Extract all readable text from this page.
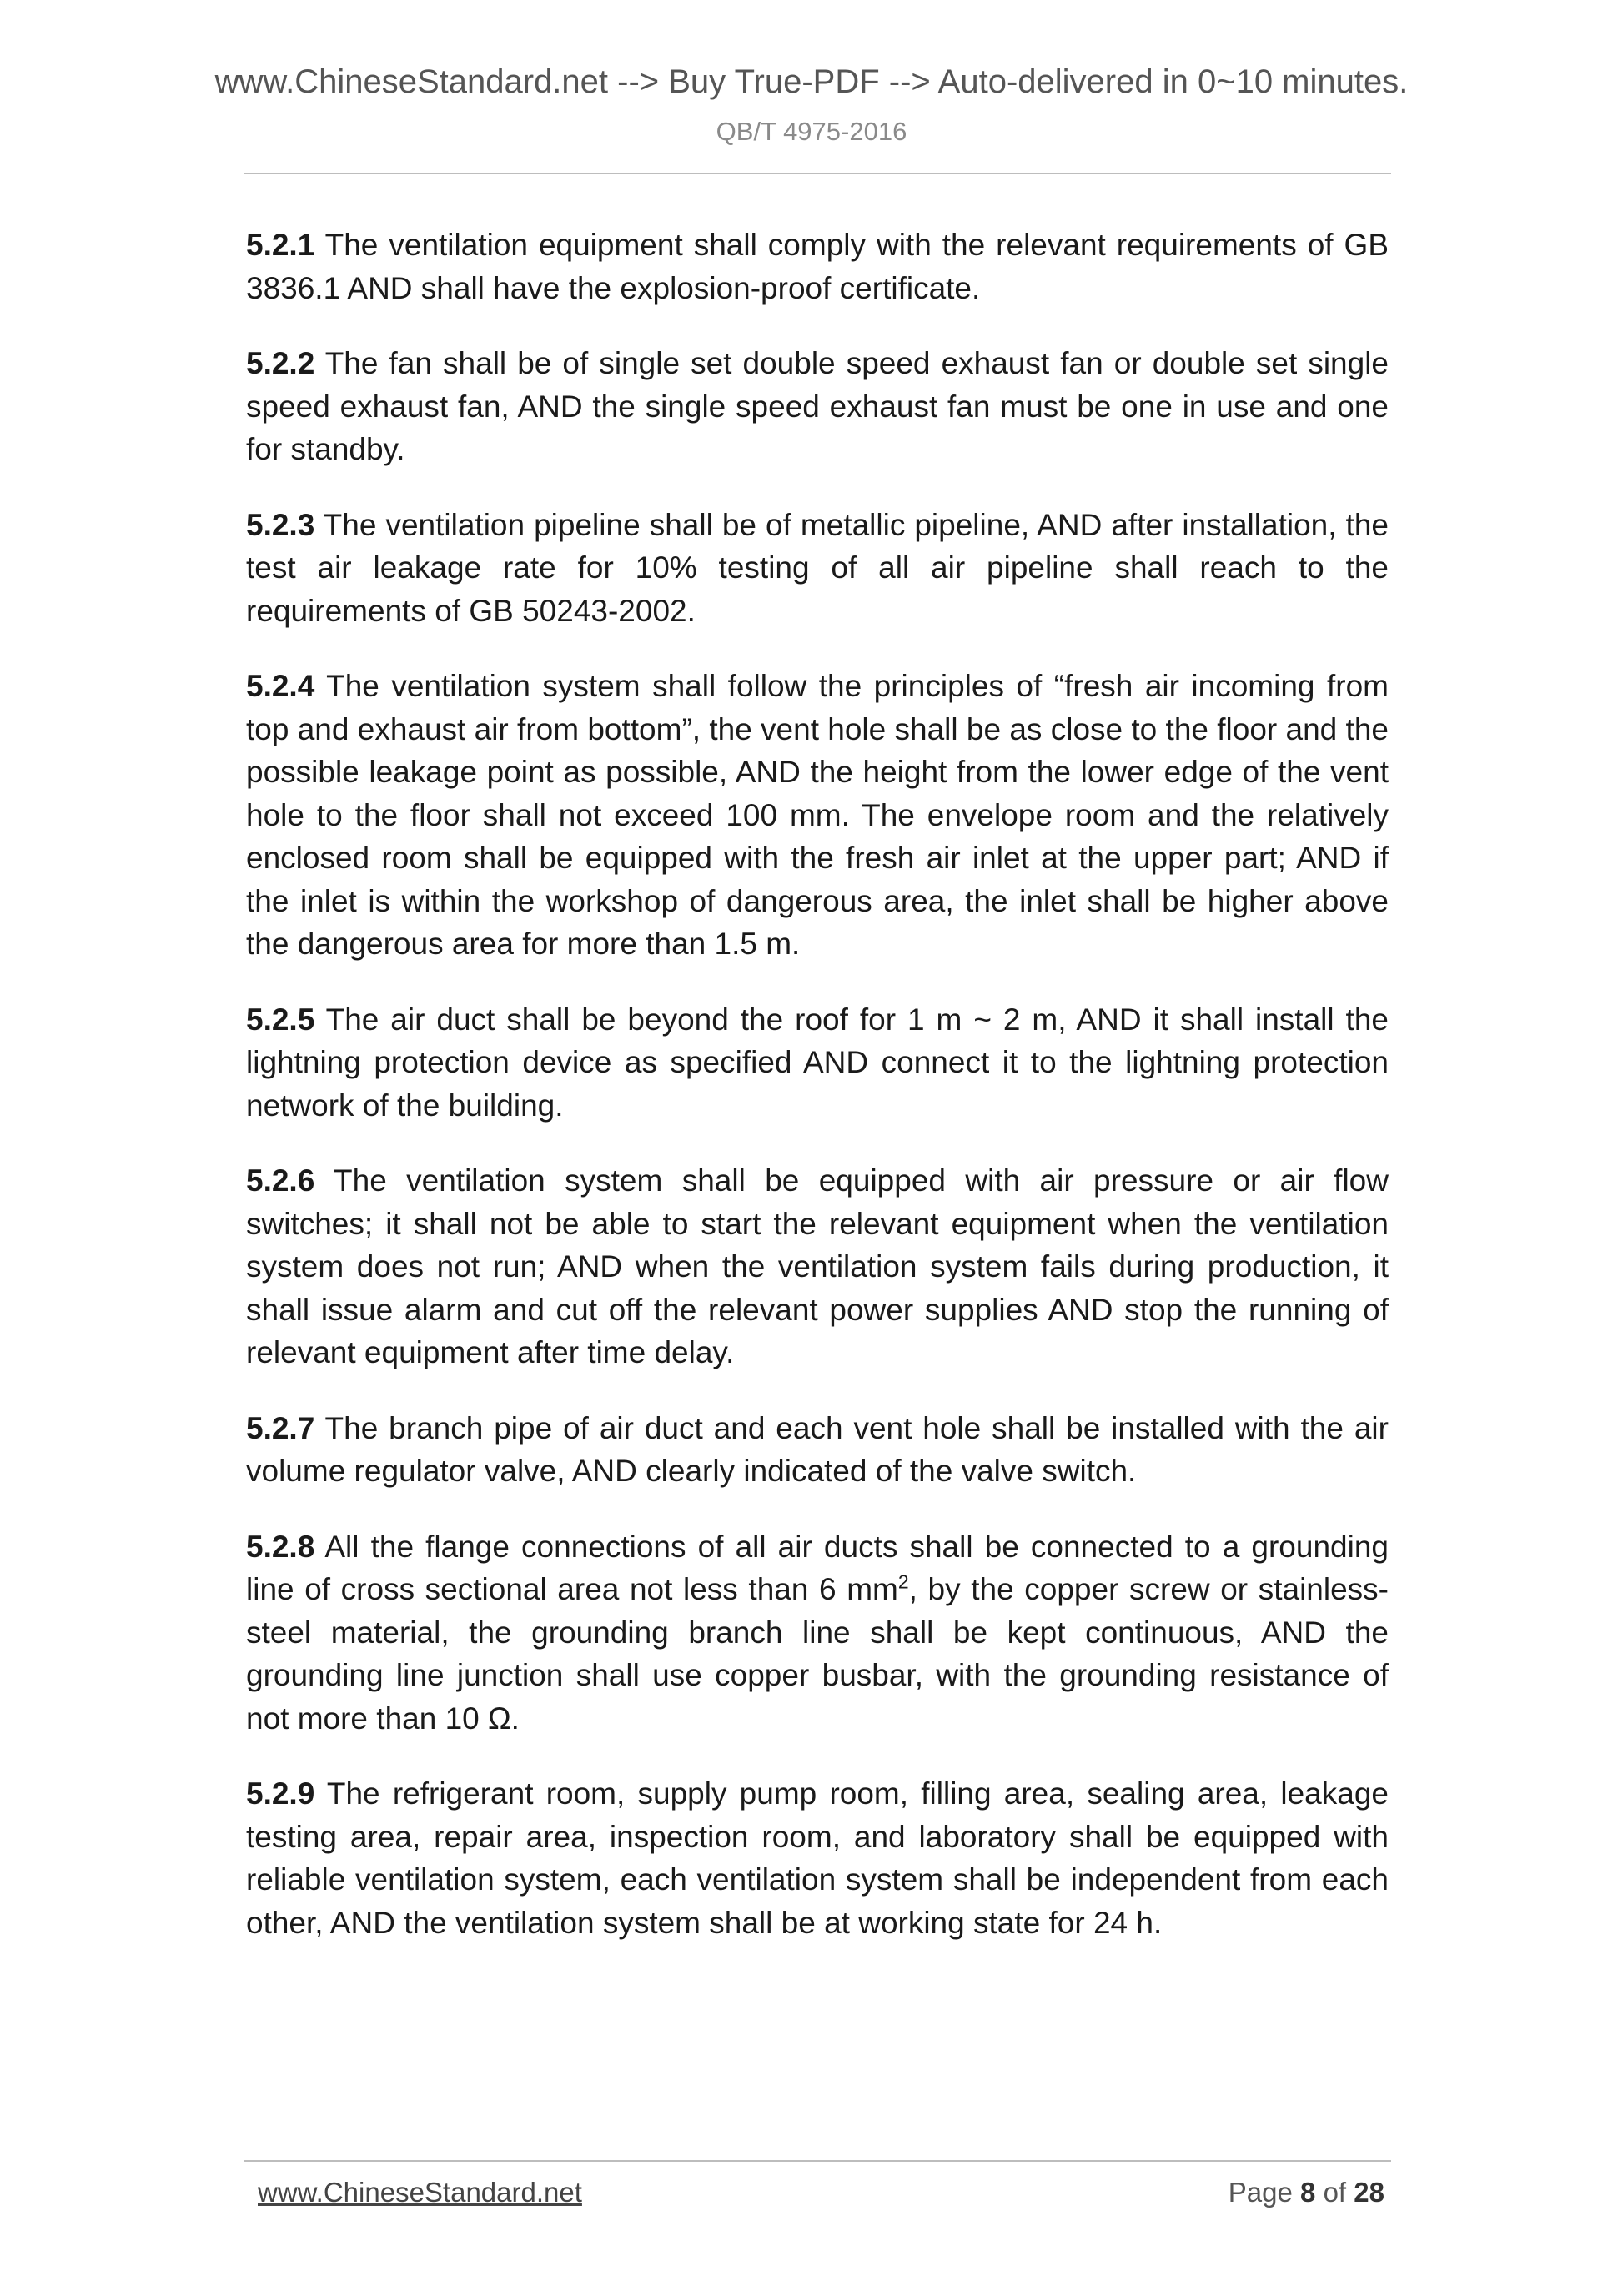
www.ChineseStandard.net --> Buy True-PDF --> Auto-delivered in 0~10 minutes.
QB/T 4975-2016

5.2.1 The ventilation equipment shall comply with the relevant requirements of GB 3836.1 AND shall have the explosion-proof certificate.

5.2.2 The fan shall be of single set double speed exhaust fan or double set single speed exhaust fan, AND the single speed exhaust fan must be one in use and one for standby.

5.2.3 The ventilation pipeline shall be of metallic pipeline, AND after installation, the test air leakage rate for 10% testing of all air pipeline shall reach to the requirements of GB 50243-2002.

5.2.4 The ventilation system shall follow the principles of “fresh air incoming from top and exhaust air from bottom”, the vent hole shall be as close to the floor and the possible leakage point as possible, AND the height from the lower edge of the vent hole to the floor shall not exceed 100 mm. The envelope room and the relatively enclosed room shall be equipped with the fresh air inlet at the upper part; AND if the inlet is within the workshop of dangerous area, the inlet shall be higher above the dangerous area for more than 1.5 m.

5.2.5 The air duct shall be beyond the roof for 1 m ~ 2 m, AND it shall install the lightning protection device as specified AND connect it to the lightning protection network of the building.

5.2.6 The ventilation system shall be equipped with air pressure or air flow switches; it shall not be able to start the relevant equipment when the ventilation system does not run; AND when the ventilation system fails during production, it shall issue alarm and cut off the relevant power supplies AND stop the running of relevant equipment after time delay.

5.2.7 The branch pipe of air duct and each vent hole shall be installed with the air volume regulator valve, AND clearly indicated of the valve switch.

5.2.8 All the flange connections of all air ducts shall be connected to a grounding line of cross sectional area not less than 6 $mm^2$, by the copper screw or stainless-steel material, the grounding branch line shall be kept continuous, AND the grounding line junction shall use copper busbar, with the grounding resistance of not more than 10 Ω.

5.2.9 The refrigerant room, supply pump room, filling area, sealing area, leakage testing area, repair area, inspection room, and laboratory shall be equipped with reliable ventilation system, each ventilation system shall be independent from each other, AND the ventilation system shall be at working state for 24 h.

www.ChineseStandard.net	Page 8 of 28
